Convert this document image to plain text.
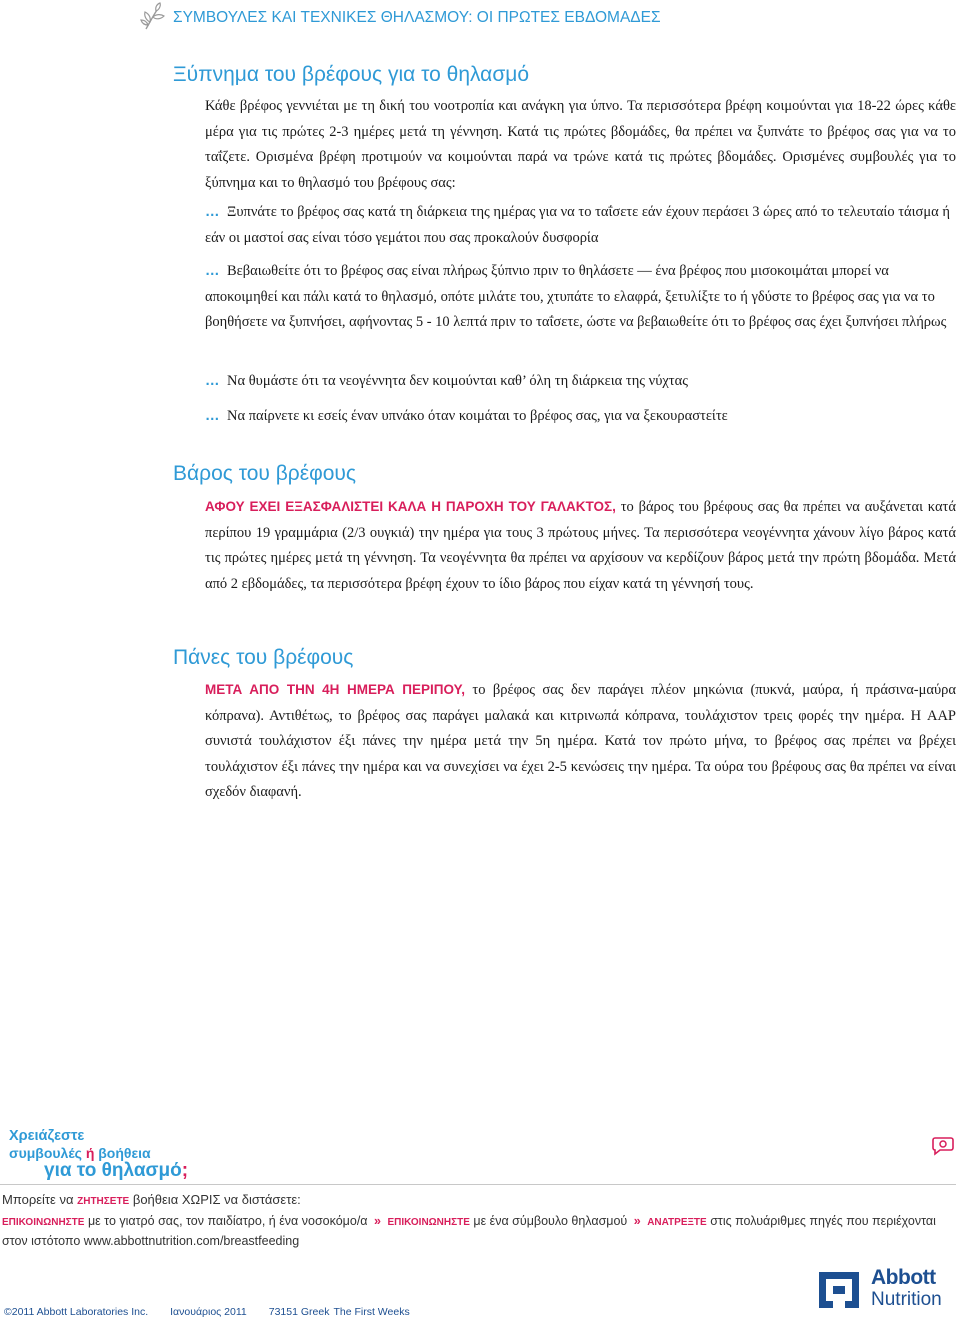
ΣΥΜΒΟΥΛΕΣ ΚΑΙ ΤΕΧΝΙΚΕΣ ΘΗΛΑΣΜΟΥ: ΟΙ ΠΡΩΤΕΣ ΕΒΔΟΜΑΔΕΣ
Ξύπνημα του βρέφους για το θηλασμό

Κάθε βρέφος γεννιέται με τη δική του νοοτροπία και ανάγκη για ύπνο. Τα περισσότερα βρέφη κοιμούνται για 18-22 ώρες κάθε μέρα για τις πρώτες 2-3 ημέρες μετά τη γέννηση. Κατά τις πρώτες βδομάδες, θα πρέπει να ξυπνάτε το βρέφος σας για να το ταΐζετε. Ορισμένα βρέφη προτιμούν να κοιμούνται παρά να τρώνε κατά τις πρώτες βδομάδες. Ορισμένες συμβουλές για το ξύπνημα και το θηλασμό του βρέφους σας:

… Ξυπνάτε το βρέφος σας κατά τη διάρκεια της ημέρας για να το ταΐσετε εάν έχουν περάσει 3 ώρες από το τελευταίο τάισμα ή εάν οι μαστοί σας είναι τόσο γεμάτοι που σας προκαλούν δυσφορία
… Βεβαιωθείτε ότι το βρέφος σας είναι πλήρως ξύπνιο πριν το θηλάσετε — ένα βρέφος που μισοκοιμάται μπορεί να αποκοιμηθεί και πάλι κατά το θηλασμό, οπότε μιλάτε του, χτυπάτε το ελαφρά, ξετυλίξτε το ή γδύστε το βρέφος σας για να το βοηθήσετε να ξυπνήσει, αφήνοντας 5 - 10 λεπτά πριν το ταΐσετε, ώστε να βεβαιωθείτε ότι το βρέφος σας έχει ξυπνήσει πλήρως
… Να θυμάστε ότι τα νεογέννητα δεν κοιμούνται καθ’ όλη τη διάρκεια της νύχτας
… Να παίρνετε κι εσείς έναν υπνάκο όταν κοιμάται το βρέφος σας, για να ξεκουραστείτε
Βάρος του βρέφους

ΑΦΟΥ ΕΧΕΙ ΕΞΑΣΦΑΛΙΣΤΕΙ ΚΑΛΑ Η ΠΑΡΟΧΗ ΤΟΥ ΓΑΛΑΚΤΟΣ, το βάρος του βρέφους σας θα πρέπει να αυξάνεται κατά περίπου 19 γραμμάρια (2/3 ουγκιά) την ημέρα για τους 3 πρώτους μήνες. Τα περισσότερα νεογέννητα χάνουν λίγο βάρος κατά τις πρώτες ημέρες μετά τη γέννηση. Τα νεογέννητα θα πρέπει να αρχίσουν να κερδίζουν βάρος μετά την πρώτη βδομάδα. Μετά από 2 εβδομάδες, τα περισσότερα βρέφη έχουν το ίδιο βάρος που είχαν κατά τη γέννησή τους.

Πάνες του βρέφους

ΜΕΤΑ ΑΠΟ ΤΗΝ 4Η ΗΜΕΡΑ ΠΕΡΙΠΟΥ, το βρέφος σας δεν παράγει πλέον μηκώνια (πυκνά, μαύρα, ή πράσινα-μαύρα κόπρανα). Αντιθέτως, το βρέφος σας παράγει μαλακά και κιτρινωπά κόπρανα, τουλάχιστον τρεις φορές την ημέρα. Η AAP συνιστά τουλάχιστον έξι πάνες την ημέρα μετά την 5η ημέρα. Κατά τον πρώτο μήνα, το βρέφος σας πρέπει να βρέχει τουλάχιστον έξι πάνες την ημέρα και να συνεχίσει να έχει 2-5 κενώσεις την ημέρα. Τα ούρα του βρέφους σας θα πρέπει να είναι σχεδόν διαφανή.

Χρειάζεστε
συμβουλές ή βοήθεια
για το θηλασμό;
Μπορείτε να ΖΗΤΗΣΕΤΕ βοήθεια ΧΩΡΙΣ να διστάσετε:
ΕΠΙΚΟΙΝΩΝΗΣΤΕ με το γιατρό σας, τον παιδίατρο, ή ένα νοσοκόμο/α » ΕΠΙΚΟΙΝΩΝΗΣΤΕ με ένα σύμβουλο θηλασμού » ΑΝΑΤΡΕΞΤΕ στις πολυάριθμες πηγές που περιέχονται στον ιστότοπο www.abbottnutrition.com/breastfeeding
Abbott
Nutrition
©2011 Abbott Laboratories Inc. Ιανουάριος 2011 73151 Greek The First Weeks
